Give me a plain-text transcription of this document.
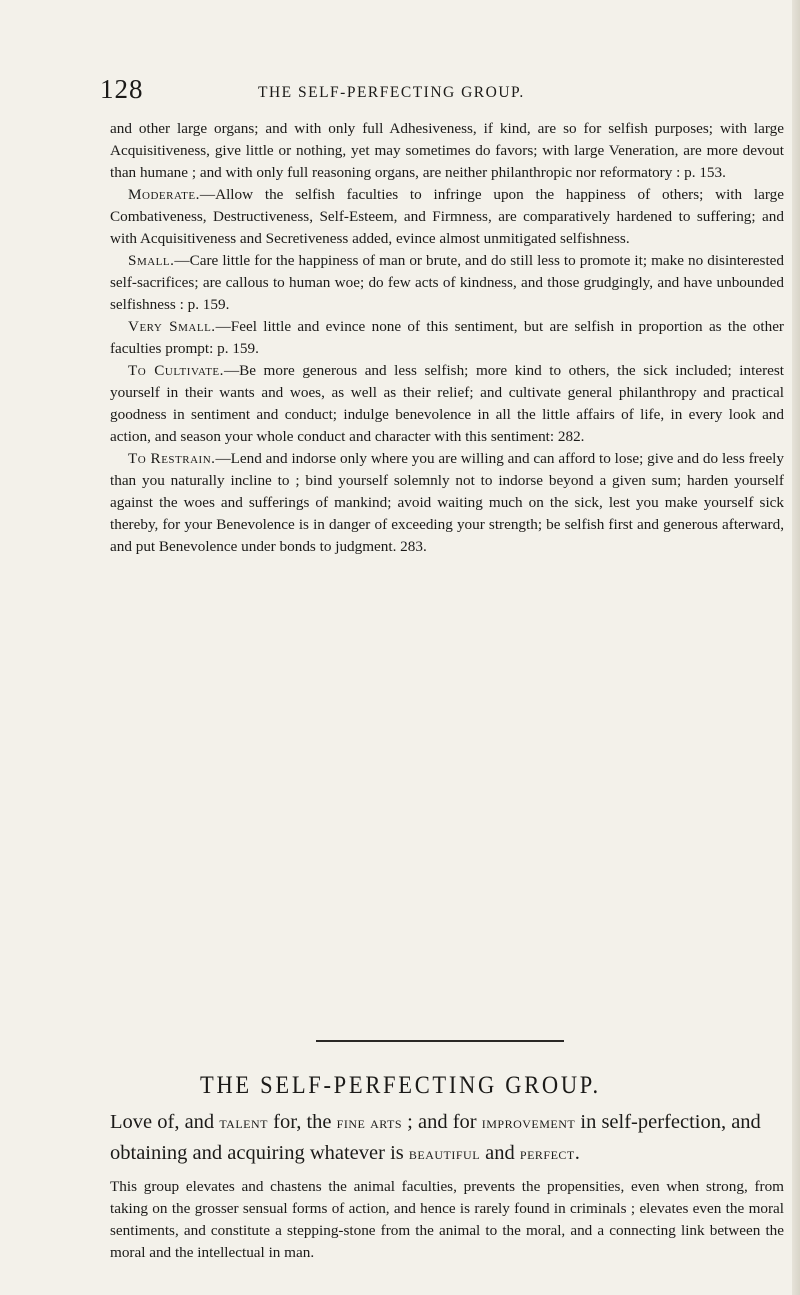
128	THE SELF-PERFECTING GROUP.

and other large organs; and with only full Adhesiveness, if kind, are so for selfish purposes; with large Acquisitiveness, give little or nothing, yet may sometimes do favors; with large Veneration, are more devout than humane ; and with only full reasoning organs, are neither philanthropic nor reformatory : p. 153.

Moderate.—Allow the selfish faculties to infringe upon the happiness of others; with large Combativeness, Destructiveness, Self-Esteem, and Firmness, are comparatively hardened to suffering; and with Acquisitiveness and Secretiveness added, evince almost unmitigated selfishness.

Small.—Care little for the happiness of man or brute, and do still less to promote it; make no disinterested self-sacrifices; are callous to human woe; do few acts of kindness, and those grudgingly, and have unbounded selfishness : p. 159.

Very Small.—Feel little and evince none of this sentiment, but are selfish in proportion as the other faculties prompt: p. 159.

To Cultivate.—Be more generous and less selfish; more kind to others, the sick included; interest yourself in their wants and woes, as well as their relief; and cultivate general philanthropy and practical goodness in sentiment and conduct; indulge benevolence in all the little affairs of life, in every look and action, and season your whole conduct and character with this sentiment: 282.

To Restrain.—Lend and indorse only where you are willing and can afford to lose; give and do less freely than you naturally incline to ; bind yourself solemnly not to indorse beyond a given sum; harden yourself against the woes and sufferings of mankind; avoid waiting much on the sick, lest you make yourself sick thereby, for your Benevolence is in danger of exceeding your strength; be selfish first and generous afterward, and put Benevolence under bonds to judgment. 283.

THE SELF-PERFECTING GROUP.
Love of, and talent for, the fine arts ; and for improvement in self-perfection, and obtaining and acquiring whatever is beautiful and perfect.
This group elevates and chastens the animal faculties, prevents the propensities, even when strong, from taking on the grosser sensual forms of action, and hence is rarely found in criminals ; elevates even the moral sentiments, and constitute a stepping-stone from the animal to the moral, and a connecting link between the moral and the intellectual in man.
